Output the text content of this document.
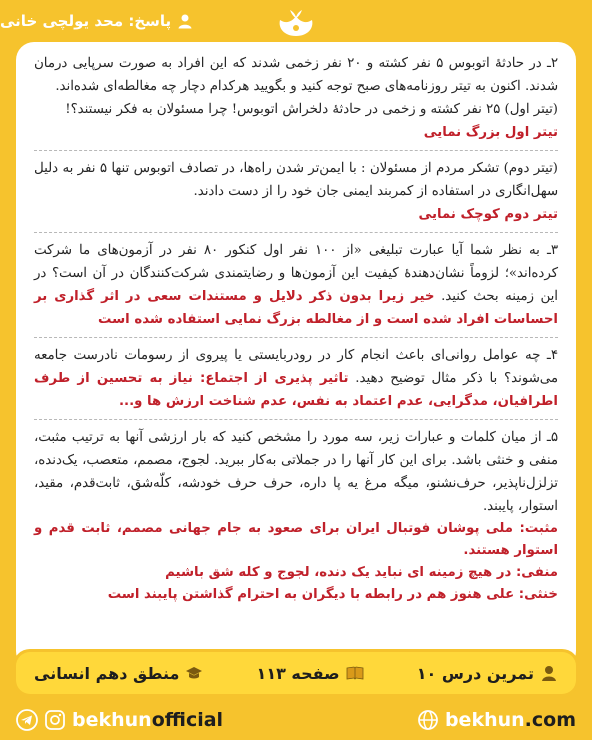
پاسخ: محد یولچی خانی

۲ـ در حادثهٔ اتوبوس ۵ نفر کشته و ۲۰ نفر زخمی شدند که این افراد به صورت سرپایی درمان شدند. اکنون به تیتر روزنامه‌های صبح توجه کنید و بگویید هرکدام دچار چه مغالطه‌ای شده‌اند.

(تیتر اول) ۲۵ نفر کشته و زخمی در حادثهٔ دلخراش اتوبوس! چرا مسئولان به فکر نیستند؟!

تیتر اول بزرگ نمایی

(تیتر دوم) تشکر مردم از مسئولان : با ایمن‌تر شدن راه‌ها، در تصادف اتوبوس تنها ۵ نفر به دلیل سهل‌انگاری در استفاده از کمربند ایمنی جان خود را از دست دادند.

تیتر دوم کوچک نمایی

۳ـ به نظر شما آیا عبارت تبلیغی «از ۱۰۰ نفر اول کنکور ۸۰ نفر در آزمون‌های ما شرکت کرده‌اند»؛ لزوماً نشان‌دهندهٔ کیفیت این آزمون‌ها و رضایتمندی شرکت‌کنندگان در آن است؟ در این زمینه بحث کنید. خیر زیرا بدون ذکر دلایل و مستندات سعی در اثر گذاری بر احساسات افراد شده است و از مغالطه بزرگ نمایی استفاده شده است

۴ـ چه عوامل روانی‌ای باعث انجام کار در رودربایستی یا پیروی از رسومات نادرست جامعه می‌شوند؟ با ذکر مثال توضیح دهید. تاثیر پذیری از اجتماع: نیاز به تحسین از طرف اطرافیان، مدگرایی، عدم اعتماد به نفس، عدم شناخت ارزش ها و...

۵ـ از میان کلمات و عبارات زیر، سه مورد را مشخص کنید که بار ارزشی آنها به ترتیب مثبت، منفی و خنثی باشد. برای این کار آنها را در جملاتی به‌کار ببرید. لجوج، مصمم، متعصب، یک‌دنده، تزلزل‌ناپذیر، حرف‌نشنو، میگه مرغ یه پا داره، حرف حرف خودشه، کلّه‌شق، ثابت‌قدم، مقید، استوار، پایبند.

مثبت: ملی پوشان فوتبال ایران برای صعود به جام جهانی مصمم، ثابت قدم و استوار هستند.
منفی: در هیچ زمینه ای نباید یک دنده، لجوج و کله شق باشیم
خنثی: علی هنوز هم در رابطه با دیگران به احترام گذاشتن پایبند است
تمرین درس ۱۰
صفحه ۱۱۳
منطق دهم انسانی
bekhunofficial	bekhun.com
